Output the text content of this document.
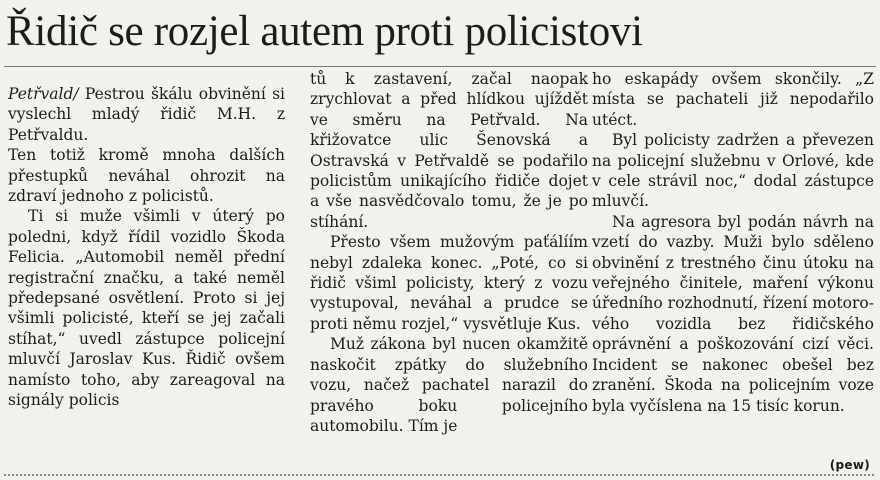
Řidič se rozjel autem proti policistovi

Petřvald/ Pestrou škálu obvinění si vyslechl mladý řidič M.H. z Petřvaldu.

Ten totiž kromě mnoha dalších přestupků neváhal ohrozit na zdraví jednoho z policistů.

Ti si muže všimli v úterý po poledni, když řídil vozidlo Škoda Felicia. „Automobil neměl přední registrační značku, a také neměl předepsané osvětlení. Proto si jej všimli policisté, kteří se jej začali stíhat,“ uvedl zástupce policejní mluvčí Jaroslav Kus. Řidič ovšem namísto toho, aby zareagoval na signály policis

tů k zastavení, začal naopak zrychlovat a před hlídkou ujíždět ve směru na Petřvald. Na křižovatce ulic Šenovská a Ostravská v Petřvaldě se podařilo policistům unikajícího řidiče dojet a vše nasvědčovalo tomu, že je po stíhání.

Přesto všem mužovým paťálíím nebyl zdaleka konec. „Poté, co si řidič všiml policisty, který z vozu vystupoval, neváhal a prudce se proti němu rozjel,“ vysvětluje Kus.

Muž zákona byl nucen okamžitě naskočit zpátky do služebního vozu, načež pachatel narazil do pravého boku policejního automobilu. Tím je

ho eskapády ovšem skončily. „Z místa se pachateli již nepodařilo utéct.

Byl policisty zadržen a převezen na policejní služebnu v Orlové, kde v cele strávil noc,“ dodal zástupce mluvčí.

Na agresora byl podán návrh na vzetí do vazby. Muži bylo sděleno obvinění z trestného činu útoku na veřejného činitele, maření výkonu úředního rozhodnutí, řízení motorového vozidla bez řidičského oprávnění a poškozování cizí věci. Incident se nakonec obešel bez zranění. Škoda na policejním voze byla vyčíslena na 15 tisíc korun.

(pew)
